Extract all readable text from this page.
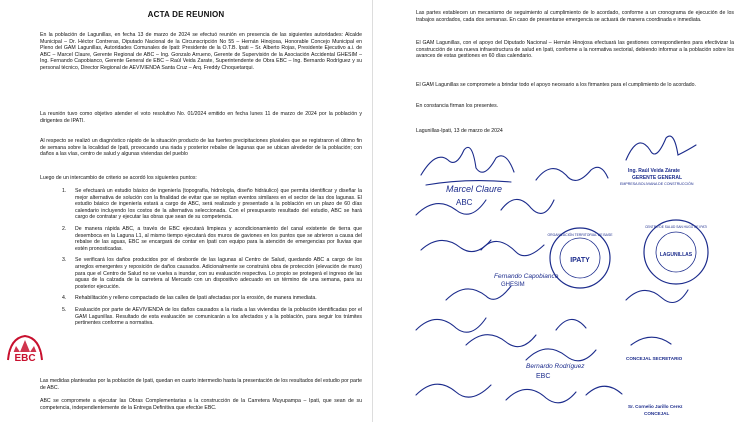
ACTA DE REUNION
En la población de Lagunillas, en fecha 13 de marzo de 2024 se efectuó reunión en presencia de las siguientes autoridades: Alcalde Municipal – Dr. Héctor Contreras, Diputado Nacional de la Circunscripción No 55 – Hernán Hinojosa, Honorable Concejo Municipal en Pleno del GAM Lagunillas, Autoridades Comunales de Ipati: Presidente de la O.T.B. Ipati – Sr. Alberto Rojas, Presidente Ejecutivo a.i. de ABC – Marcel Claure, Gerente Regional de ABC – Ing. Gonzalo Arrueno, Gerente de Supervisión de la Asociación Accidental GHESIM – Ing. Fernando Capobianco, Gerente General de EBC – Raúl Veida Zarate, Superintendente de Obra EBC – Ing. Bernardo Rodríguez y su personal técnico, Director Regional de AEVIVIENDA Santa Cruz – Arq. Freddy Choquetarqui.
La reunión tuvo como objetivo atender el voto resolutivo No. 01/2024 emitido en fecha lunes 11 de marzo de 2024 por la población y dirigentes de IPATI.
Al respecto se realizó un diagnóstico rápido de la situación producto de las fuertes precipitaciones pluviales que se registraron el último fin de semana sobre la localidad de Ipati, provocando una riada y posterior rebalse de lagunas que se ubican alrededor de la población; con daños a las vías, centro de salud y algunas viviendas del pueblo
Luego de un intercambio de criterio se acordó los siguientes puntos:
1. Se efectuará un estudio básico de ingeniería (topografía, hidrología, diseño hidráulico) que permita identificar y diseñar la mejor alternativa de solución con la finalidad de evitar que se repitan eventos similares en el sector de las dos lagunas. El estudio básico de ingeniería estará a cargo de ABC, será realizado y presentado a la población en un plazo de 60 días calendario incluyendo los costos de la alternativa seleccionada. Con el presupuesto resultado del estudio, ABC se hará cargo de contratar y ejecutar las obras que sean de su competencia.
2. De manera rápida ABC, a través de EBC ejecutará limpieza y acondicionamiento del canal existente de tierra que desemboca en la Laguna L1, al mismo tiempo ejecutará dos muros de gaviones en los puntos que se abrieron a causa del rebalse de las aguas, EBC se encargará de contar en Ipati con equipo para la atención de emergencias por lluvias que estén pronosticadas.
3. Se verificará los daños producidos por el desborde de las lagunas al Centro de Salud, quedando ABC a cargo de los arreglos emergentes y reposición de daños causados. Adicionalmente se construirá obra de protección (elevación de muro) para que el Centro de Salud no se vuelva a inundar, con su evaluación respectiva. Lo propio se protegerá el ingreso de las aguas de la calzada de la carretera al Mercado con un dispositivo adecuado en un término de una semana, para su posterior ejecución.
4. Rehabilitación y relleno compactado de las calles de Ipati afectadas por la erosión, de manera inmediata.
5. Evaluación por parte de AEVIVIENDA de los daños causados a la riada a las viviendas de la población identificadas por el GAM Lagunillas. Resultado de esta evaluación se comunicarán a los afectados y a la población, para seguir los trámites pertinentes conforme a normativa.
Las medidas planteadas por la población de Ipati, quedan en cuarto intermedio hasta la presentación de los resultados del estudio por parte de ABC.
ABC se compromete a ejecutar las Obras Complementarias a la construcción de la Carretera Muyupampa – Ipati, que sean de su competencia, independientemente de la Entrega Definitiva que efectúe EBC.
EBC
Las partes establecen un mecanismo de seguimiento al cumplimiento de lo acordado, conforme a un cronograma de ejecución de los trabajos acordados, cada dos semanas. En caso de presentarse emergencia se actuará de manera coordinada e inmediata.
El GAM Lagunillas, con el apoyo del Diputado Nacional – Hernán Hinojosa efectuará las gestiones correspondientes para efectivizar la construcción de una nueva infraestructura de salud en Ipati, conforme a la normativa sectorial, debiendo informar a la población sobre los avances de estas gestiones en 60 días calendario.
El GAM Lagunillas se compromete a brindar todo el apoyo necesario a los firmantes para el cumplimiento de lo acordado.
En constancia firman los presentes.
Lagunillas-Ipati, 13 de marzo de 2024
Marcel Claure
ABC
Ing. Raúl Veida Zárate
GERENTE GENERAL
EMPRESA BOLIVIANA DE CONSTRUCCIÓN
ORGANIZACIÓN TERRITORIAL DE BASE
IPATY
CENTRO DE SALUD SAN HUGO DE IPATI
LAGUNILLAS
Fernando Capobianco
GHESIM
Bernardo Rodríguez
EBC
CONCEJAL SECRETARIO
Sr. Cornelio Jarillo Cerez
CONCEJAL
